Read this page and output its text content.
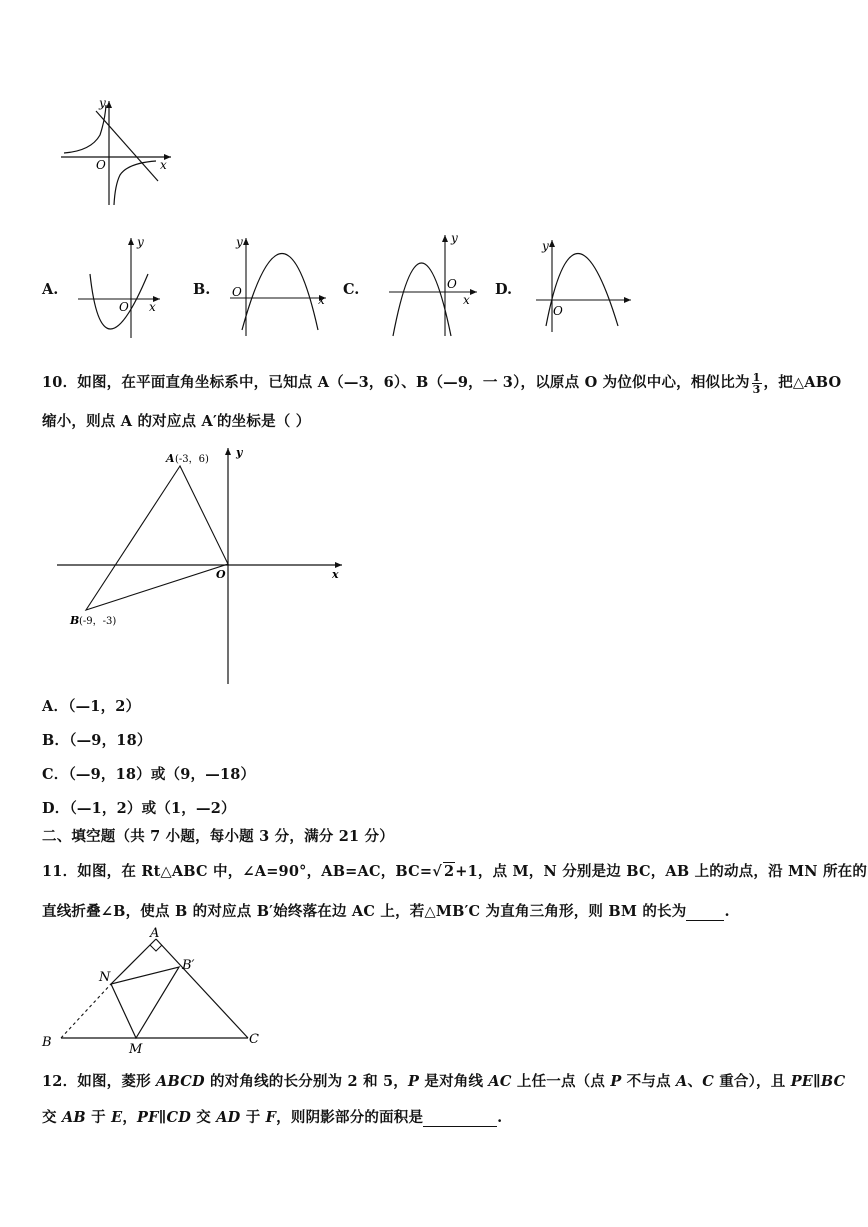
y
x
O
A.
y
x
O
B.
y
x
O	C.
y
x
O	D.
y
O
10．如图，在平面直角坐标系中，已知点 A（—3，6）、B（—9，一 3），以原点 O 为位似中心，相似比为 $\frac{1}{3}$ ，把△ABO
缩小，则点 A 的对应点 A′的坐标是（ ）
A (-3，6)
B (-9，-3)
O	x
y
A．（—1，2）
B．（—9，18）
C．（—9，18）或（9，—18）
D．（—1，2）或（1，—2）
二、填空题（共 7 小题，每小题 3 分，满分 21 分）
11．如图，在 Rt△ABC 中，∠A=90°，AB=AC，BC=√ 2+1，点 M，N 分别是边 BC，AB 上的动点，沿 MN 所在的
直线折叠∠B，使点 B 的对应点 B′始终落在边 AC 上，若△MB′C 为直角三角形，则 BM 的长为	.
A
B′
N
B	M
C
12．如图，菱形 ABCD 的对角线的长分别为 2 和 5，P 是对角线 AC 上任一点（点 P 不与点 A、C 重合），且 PE∥BC
交 AB 于 E，PF∥CD 交 AD 于 F，则阴影部分的面积是	.
